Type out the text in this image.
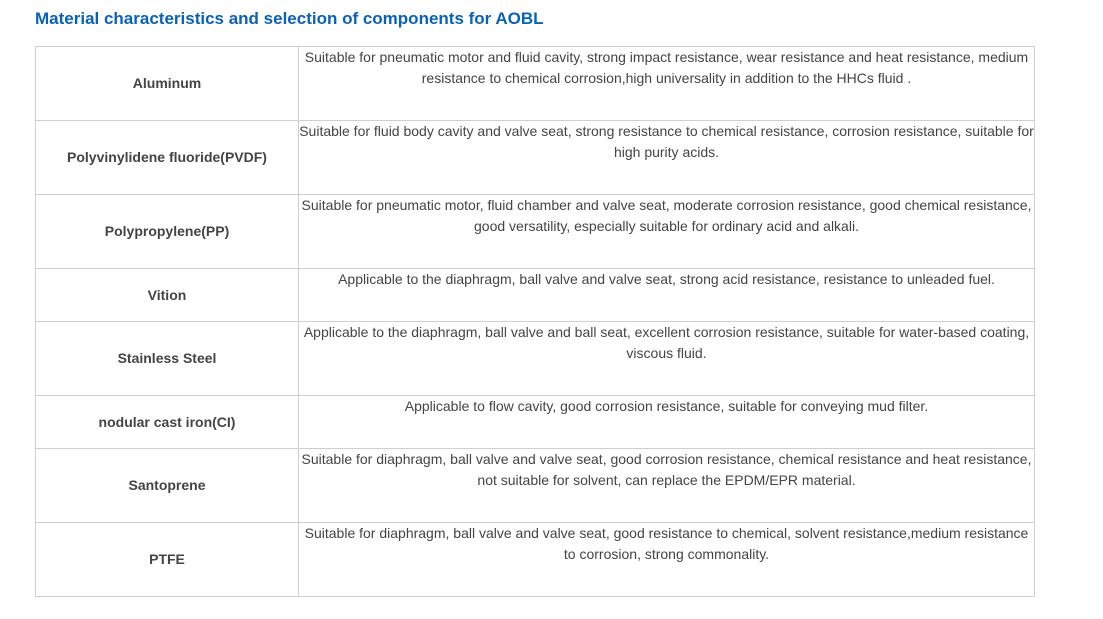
Material characteristics and selection of components for AOBL
Aluminum	Suitable for pneumatic motor and fluid cavity, strong impact resistance, wear resistance and heat resistance, medium resistance to chemical corrosion,high universality in addition to the HHCs fluid .
Polyvinylidene fluoride(PVDF)	Suitable for fluid body cavity and valve seat, strong resistance to chemical resistance, corrosion resistance, suitable for high purity acids.
Polypropylene(PP)	Suitable for pneumatic motor, fluid chamber and valve seat, moderate corrosion resistance, good chemical resistance, good versatility, especially suitable for ordinary acid and alkali.
Vition	Applicable to the diaphragm, ball valve and valve seat, strong acid resistance, resistance to unleaded fuel.
Stainless Steel	Applicable to the diaphragm, ball valve and ball seat, excellent corrosion resistance, suitable for water-based coating, viscous fluid.
nodular cast iron(CI)	Applicable to flow cavity, good corrosion resistance, suitable for conveying mud filter.
Santoprene	Suitable for diaphragm, ball valve and valve seat, good corrosion resistance, chemical resistance and heat resistance, not suitable for solvent, can replace the EPDM/EPR material.
PTFE	Suitable for diaphragm, ball valve and valve seat, good resistance to chemical, solvent resistance,medium resistance to corrosion, strong commonality.
